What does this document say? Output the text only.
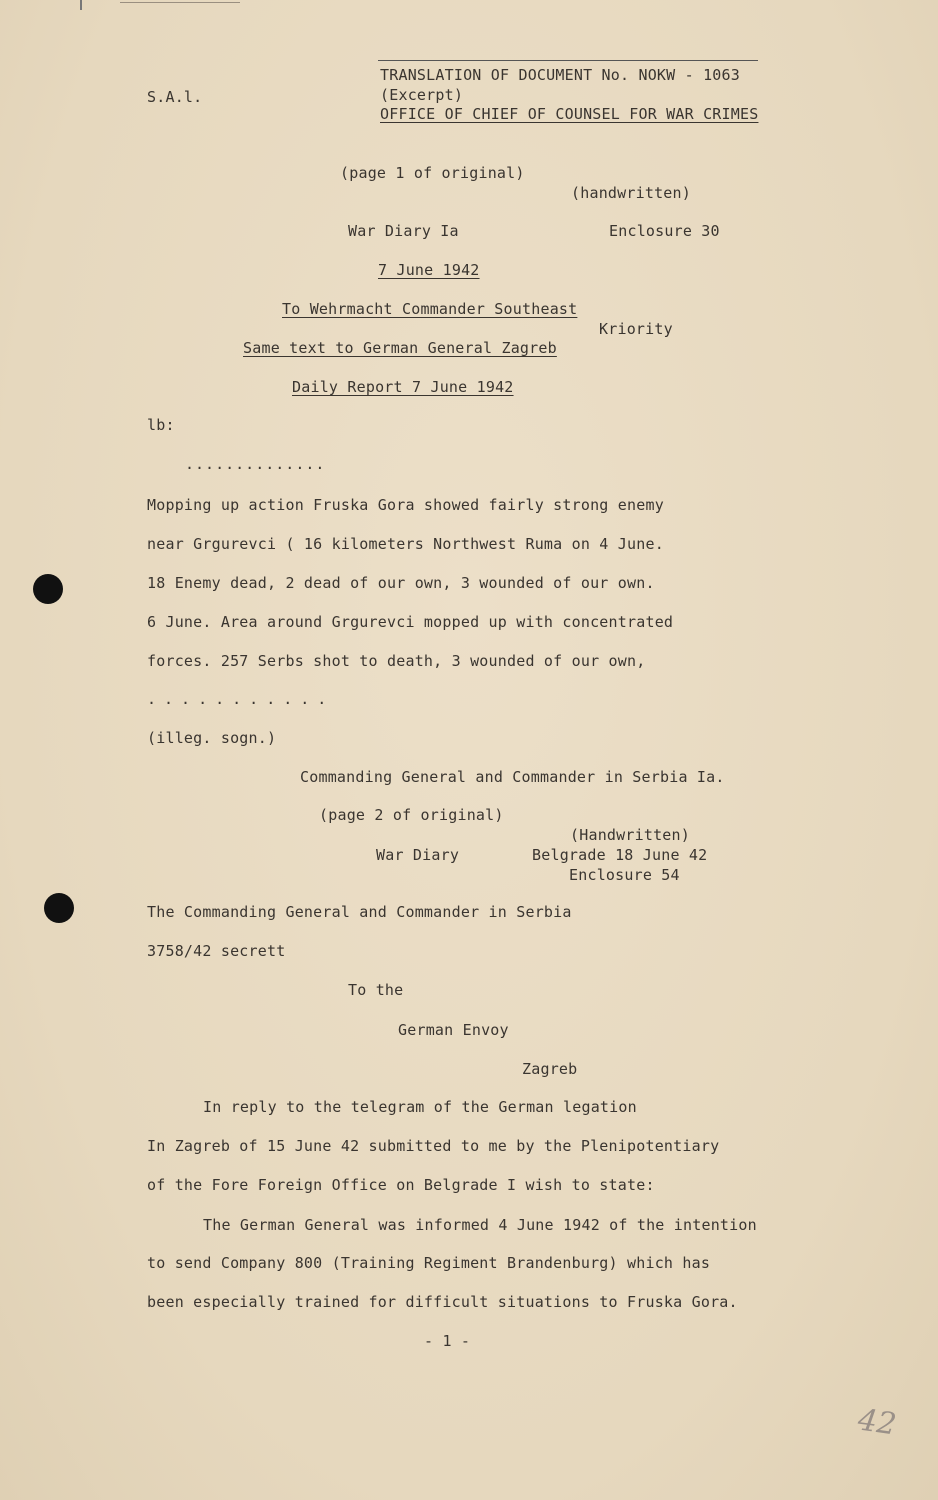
S.A.l.
TRANSLATION OF DOCUMENT No. NOKW - 1063
(Excerpt)
OFFICE OF CHIEF OF COUNSEL FOR WAR CRIMES
(page 1 of original)
(handwritten)
War Diary Ia	Enclosure 30
7 June 1942
To Wehrmacht Commander Southeast
Kriority
Same text to German General Zagreb
Daily Report 7 June 1942
lb:
..............
Mopping up action Fruska Gora showed fairly strong enemy
near Grgurevci ( 16 kilometers Northwest Ruma on 4 June.
18 Enemy dead, 2 dead of our own, 3 wounded of our own.
6 June. Area around Grgurevci mopped up with concentrated
forces. 257 Serbs shot to death, 3 wounded of our own,
...........
(illeg. sogn.)
Commanding General and Commander in Serbia Ia.
(page 2 of original)
(Handwritten)
War Diary	Belgrade 18 June 42
Enclosure 54
The Commanding General and Commander in Serbia
3758/42 secrett
To the
German Envoy
Zagreb
In reply to the telegram of the German legation
In Zagreb of 15 June 42 submitted to me by the Plenipotentiary
of the Fore Foreign Office on Belgrade I wish to state:
The German General was informed 4 June 1942 of the intention
to send Company 800 (Training Regiment Brandenburg) which has
been especially trained for difficult situations to Fruska Gora.
- 1 -
42
